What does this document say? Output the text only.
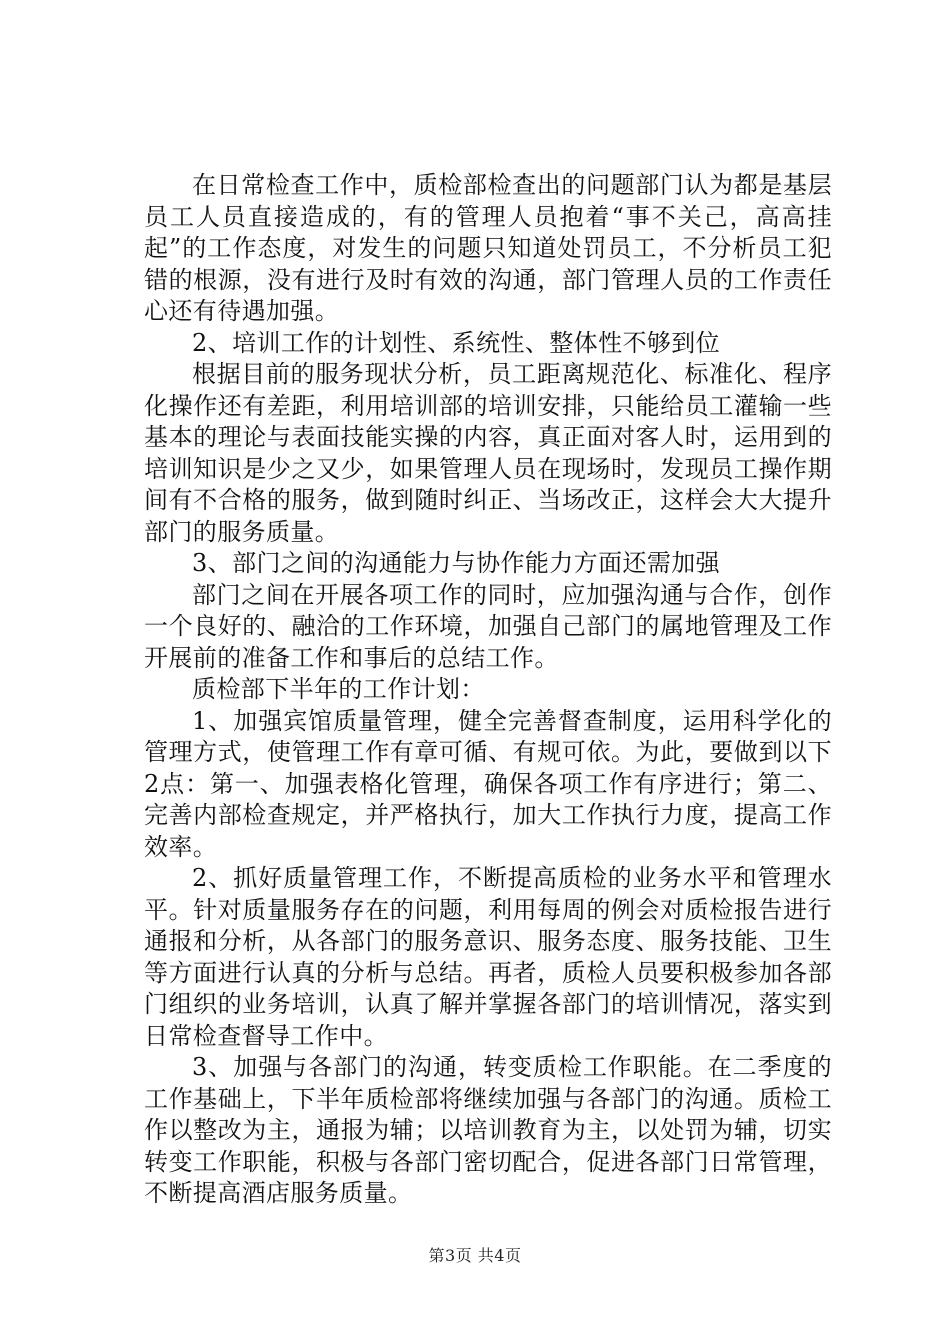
在日常检查工作中，质检部检查出的问题部门认为都是基层员工人员直接造成的，有的管理人员抱着“事不关己，高高挂起”的工作态度，对发生的问题只知道处罚员工，不分析员工犯错的根源，没有进行及时有效的沟通，部门管理人员的工作责任心还有待遇加强。

2、培训工作的计划性、系统性、整体性不够到位

根据目前的服务现状分析，员工距离规范化、标准化、程序化操作还有差距，利用培训部的培训安排，只能给员工灌输一些基本的理论与表面技能实操的内容，真正面对客人时，运用到的培训知识是少之又少，如果管理人员在现场时，发现员工操作期间有不合格的服务，做到随时纠正、当场改正，这样会大大提升部门的服务质量。

3、部门之间的沟通能力与协作能力方面还需加强

部门之间在开展各项工作的同时，应加强沟通与合作，创作一个良好的、融洽的工作环境，加强自己部门的属地管理及工作开展前的准备工作和事后的总结工作。

质检部下半年的工作计划：

1、加强宾馆质量管理，健全完善督查制度，运用科学化的管理方式，使管理工作有章可循、有规可依。为此，要做到以下2点：第一、加强表格化管理，确保各项工作有序进行；第二、完善内部检查规定，并严格执行，加大工作执行力度，提高工作效率。

2、抓好质量管理工作，不断提高质检的业务水平和管理水平。针对质量服务存在的问题，利用每周的例会对质检报告进行通报和分析，从各部门的服务意识、服务态度、服务技能、卫生等方面进行认真的分析与总结。再者，质检人员要积极参加各部门组织的业务培训，认真了解并掌握各部门的培训情况，落实到日常检查督导工作中。

3、加强与各部门的沟通，转变质检工作职能。在二季度的工作基础上，下半年质检部将继续加强与各部门的沟通。质检工作以整改为主，通报为辅；以培训教育为主，以处罚为辅，切实转变工作职能，积极与各部门密切配合，促进各部门日常管理，不断提高酒店服务质量。

第3页 共4页
